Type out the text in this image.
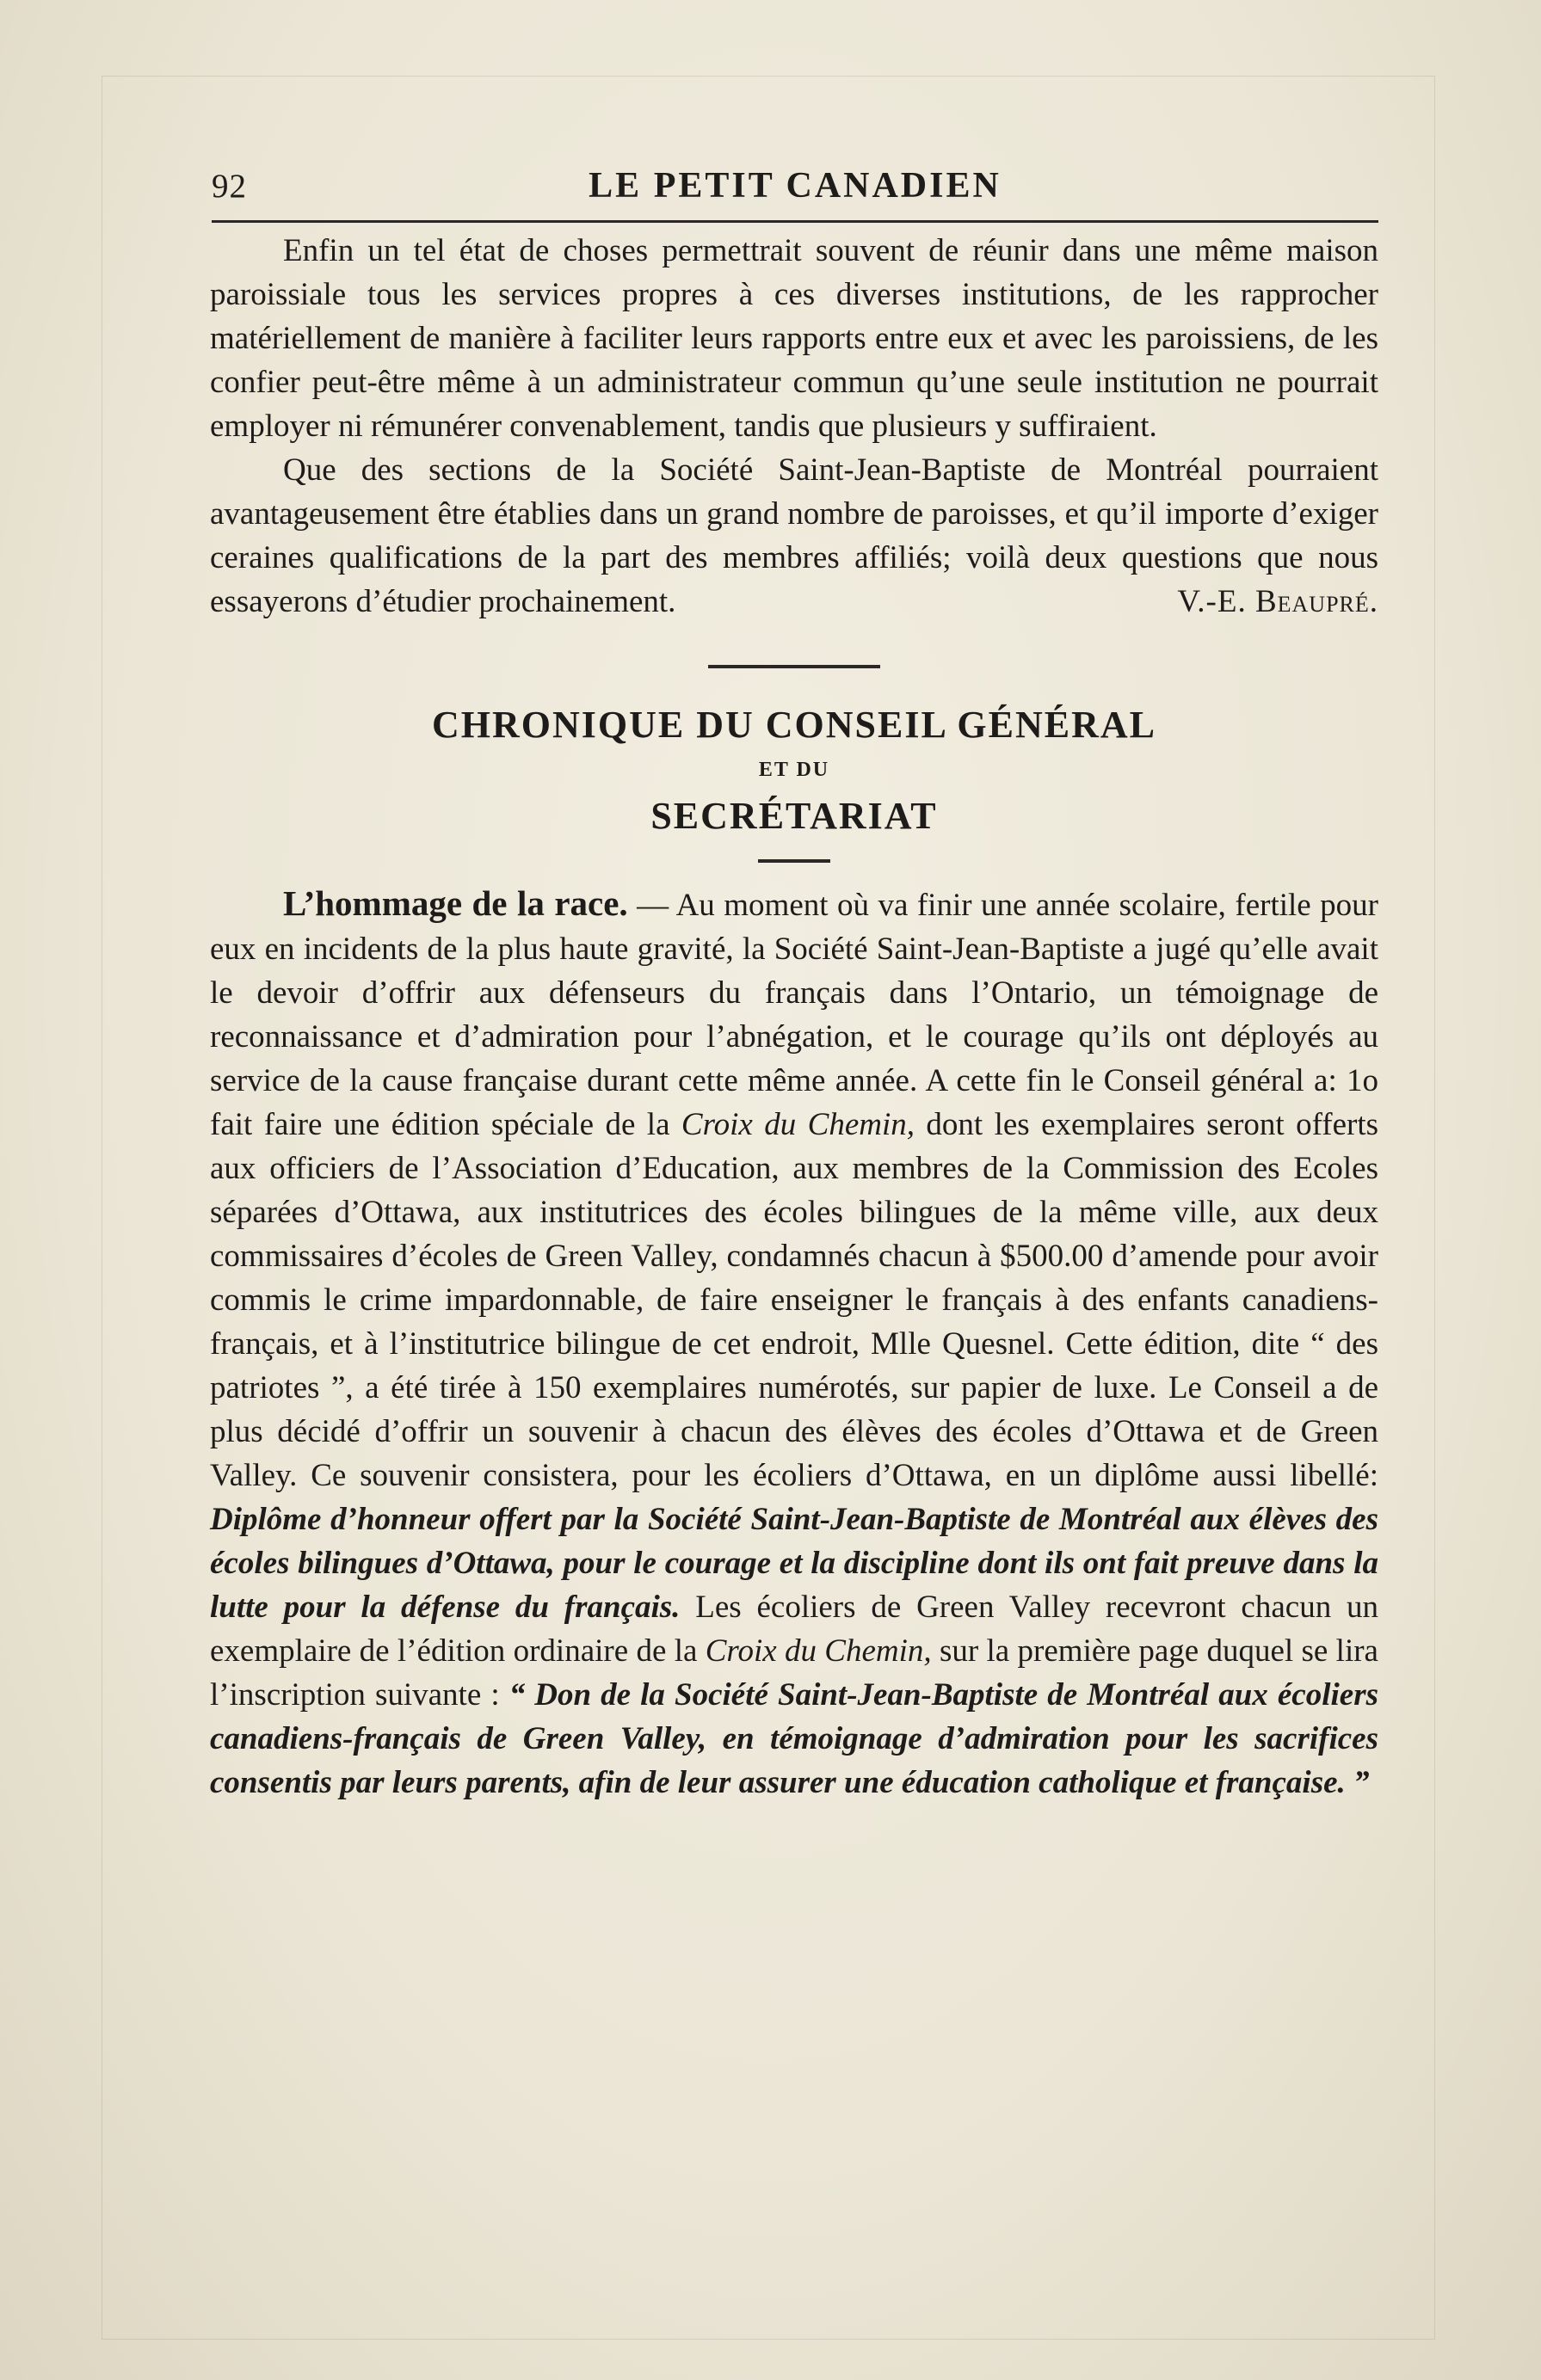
92	LE PETIT CANADIEN

Enfin un tel état de choses permettrait souvent de réunir dans une même maison paroissiale tous les services propres à ces diverses institutions, de les rapprocher matériellement de manière à faciliter leurs rapports entre eux et avec les paroissiens, de les confier peut-être même à un administrateur commun qu’une seule institution ne pourrait employer ni rémunérer convenablement, tandis que plusieurs y suffiraient.

Que des sections de la Société Saint-Jean-Baptiste de Montréal pourraient avantageusement être établies dans un grand nombre de paroisses, et qu’il importe d’exiger ceraines qualifications de la part des membres affiliés; voilà deux questions que nous essayerons d’étudier prochainement.	V.-E. Beaupré.

CHRONIQUE DU CONSEIL GÉNÉRAL
ET DU
SECRÉTARIAT

L’hommage de la race. — Au moment où va finir une année scolaire, fertile pour eux en incidents de la plus haute gravité, la Société Saint-Jean-Baptiste a jugé qu’elle avait le devoir d’offrir aux défenseurs du français dans l’Ontario, un témoignage de reconnaissance et d’admiration pour l’abnégation, et le courage qu’ils ont déployés au service de la cause française durant cette même année. A cette fin le Conseil général a: 1o fait faire une édition spéciale de la Croix du Chemin, dont les exemplaires seront offerts aux officiers de l’Association d’Education, aux membres de la Commission des Ecoles séparées d’Ottawa, aux institutrices des écoles bilingues de la même ville, aux deux commissaires d’écoles de Green Valley, condamnés chacun à $500.00 d’amende pour avoir commis le crime impardonnable, de faire enseigner le français à des enfants canadiens-français, et à l’institutrice bilingue de cet endroit, Mlle Quesnel. Cette édition, dite “ des patriotes ”, a été tirée à 150 exemplaires numérotés, sur papier de luxe. Le Conseil a de plus décidé d’offrir un souvenir à chacun des élèves des écoles d’Ottawa et de Green Valley. Ce souvenir consistera, pour les écoliers d’Ottawa, en un diplôme aussi libellé: Diplôme d’honneur offert par la Société Saint-Jean-Baptiste de Montréal aux élèves des écoles bilingues d’Ottawa, pour le courage et la discipline dont ils ont fait preuve dans la lutte pour la défense du français. Les écoliers de Green Valley recevront chacun un exemplaire de l’édition ordinaire de la Croix du Chemin, sur la première page duquel se lira l’inscription suivante : “ Don de la Société Saint-Jean-Baptiste de Montréal aux écoliers canadiens-français de Green Valley, en témoignage d’admiration pour les sacrifices consentis par leurs parents, afin de leur assurer une éducation catholique et française. ”
